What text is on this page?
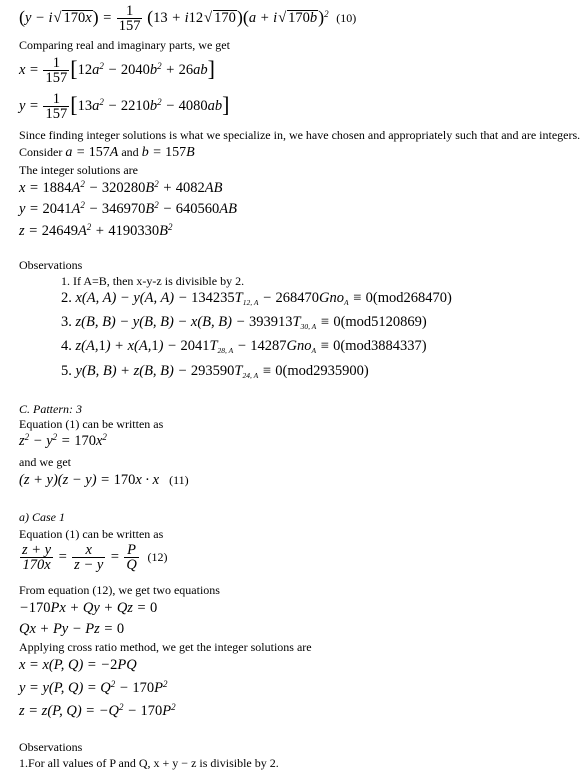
(y − i√ $170x) = \frac{1}{157} (13 + i12√$ 170)(a + i√ 170b)$^2$ (10)
Comparing real and imaginary parts, we get
$x = \frac{1}{157} [12a^2 - 2040b^2 + 26ab]$
$y = \frac{1}{157} [13a^2 - 2210b^2 - 4080ab]$
Since finding integer solutions is what we specialize in, we have chosen and appropriately such that and are integers.
Consider a = 157A and b = 157B
The integer solutions are
$x = 1884A^2 - 320280B^2 + 4082AB$
$y = 2041A^2 - 346970B^2 - 640560AB$
$z = 24649A^2 + 4190330B^2$
Observations
1. If A=B, then x-y-z is divisible by 2.
2. x(A, A) − y(A, $A) - 134235T_{12, A} - 268470Gno_A \equiv 0(mod268470)$
3. z(B, B) − y(B, B) − x(B, $B) - 393913T_{30, A} \equiv 0(mod5120869)$
4. $z(A,1) + x(A,1) - 2041T_{28, A} - 14287Gno_A \equiv 0(mod3884337)$
5. y(B, B) + z(B, $B) - 293590T_{24, A} \equiv 0(mod2935900)$
C. Pattern: 3
Equation (1) can be written as
$z^2 - y^2 = 170x^2$
and we get
(z + y)(z − y) = 170x · x (11)
a) Case 1
Equation (1) can be written as
$\frac{z + y}{170x} = \frac{x}{z - y} = \frac{P}{Q} (12)$
From equation (12), we get two equations
−170Px + Qy + Qz = 0
Qx + Py − Pz = 0
Applying cross ratio method, we get the integer solutions are
x = x(P, Q) = −2PQ
y = y(P, $Q) = Q^2 - 170P^2$
z = z(P, $Q) = -Q^2 - 170P^2$
Observations
1.For all values of P and Q, x + y − z is divisible by 2.
